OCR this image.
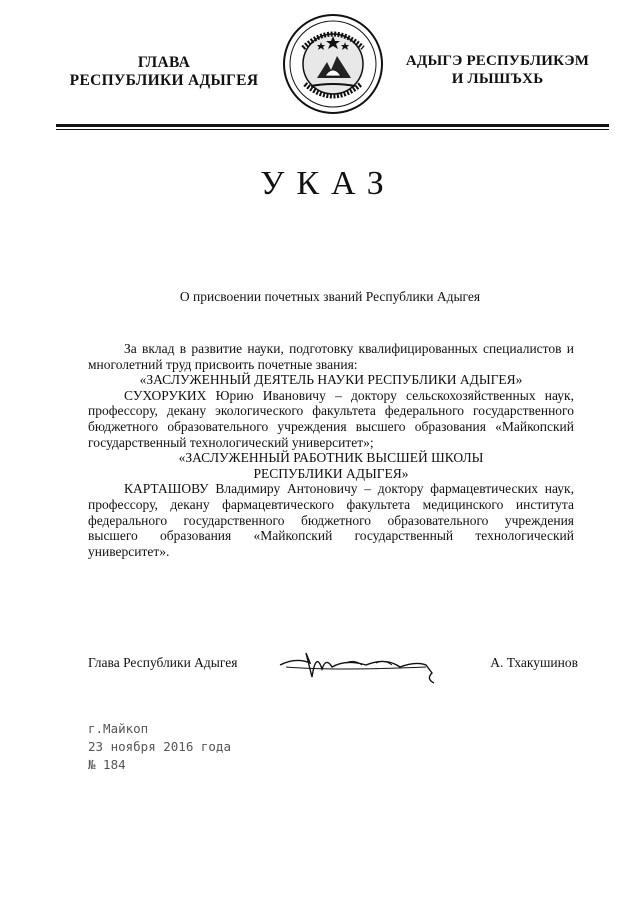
ГЛАВА
РЕСПУБЛИКИ АДЫГЕЯ
АДЫГЭ РЕСПУБЛИКЭМ
И ЛЫШЪХЬ
УКАЗ
О присвоении почетных званий Республики Адыгея

За вклад в развитие науки, подготовку квалифицированных специалистов и многолетний труд присвоить почетные звания:

«ЗАСЛУЖЕННЫЙ ДЕЯТЕЛЬ НАУКИ РЕСПУБЛИКИ АДЫГЕЯ»

СУХОРУКИХ Юрию Ивановичу – доктору сельскохозяйственных наук, профессору, декану экологического факультета федерального государственного бюджетного образовательного учреждения высшего образования «Майкопский государственный технологический университет»;

«ЗАСЛУЖЕННЫЙ РАБОТНИК ВЫСШЕЙ ШКОЛЫ

РЕСПУБЛИКИ АДЫГЕЯ»

КАРТАШОВУ Владимиру Антоновичу – доктору фармацевтических наук, профессору, декану фармацевтического факультета медицинского института федерального государственного бюджетного образовательного учреждения высшего образования «Майкопский государственный технологический университет».

Глава Республики Адыгея	А. Тхакушинов
г.Майкоп
23 ноября 2016 года
№ 184
